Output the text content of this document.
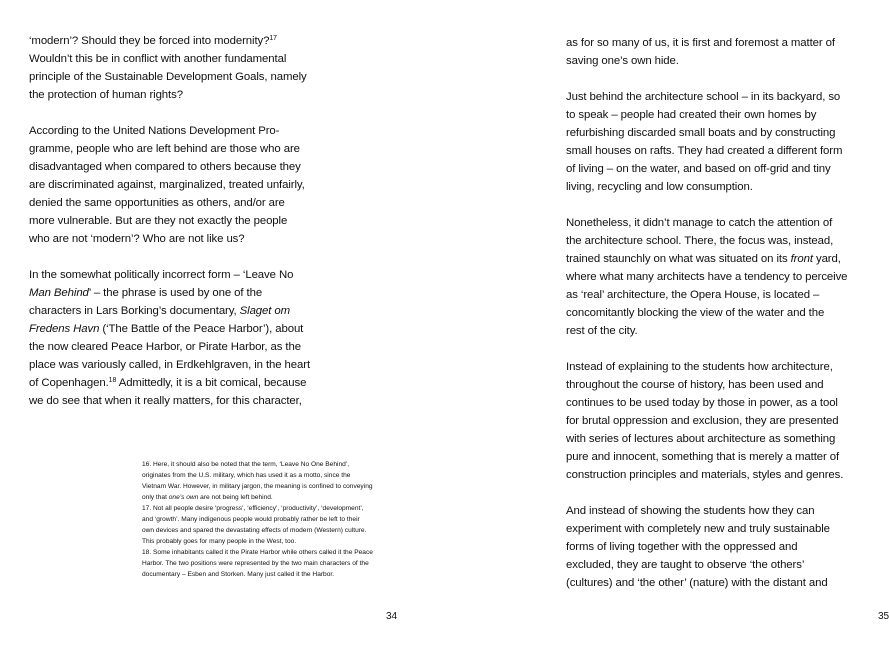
‘modern’? Should they be forced into modernity?$^{17}$
Wouldn’t this be in conflict with another fundamental
principle of the Sustainable Development Goals, namely
the protection of human rights?
According to the United Nations Development Pro-
gramme, people who are left behind are those who are
disadvantaged when compared to others because they
are discriminated against, marginalized, treated unfairly,
denied the same opportunities as others, and/or are
more vulnerable. But are they not exactly the people
who are not ‘modern’? Who are not like us?
In the somewhat politically incorrect form – ‘Leave No
Man Behind’ – the phrase is used by one of the
characters in Lars Borking’s documentary, Slaget om
Fredens Havn (‘The Battle of the Peace Harbor’), about
the now cleared Peace Harbor, or Pirate Harbor, as the
place was variously called, in Erdkehlgraven, in the heart
of Copenhagen.$^{18}$ Admittedly, it is a bit comical, because
we do see that when it really matters, for this character,
16. Here, it should also be noted that the term, ‘Leave No One Behind’,
originates from the U.S. military, which has used it as a motto, since the
Vietnam War. However, in military jargon, the meaning is confined to conveying
only that one’s own are not being left behind.
17. Not all people desire ‘progress’, ‘efficiency’, ‘productivity’, ‘development’,
and ‘growth’. Many indigenous people would probably rather be left to their
own devices and spared the devastating effects of modern (Western) culture.
This probably goes for many people in the West, too.
18. Some inhabitants called it the Pirate Harbor while others called it the Peace
Harbor. The two positions were represented by the two main characters of the
documentary – Esben and Storken. Many just called it the Harbor.
34
as for so many of us, it is first and foremost a matter of
saving one’s own hide.
Just behind the architecture school – in its backyard, so
to speak – people had created their own homes by
refurbishing discarded small boats and by constructing
small houses on rafts. They had created a different form
of living – on the water, and based on off-grid and tiny
living, recycling and low consumption.
Nonetheless, it didn’t manage to catch the attention of
the architecture school. There, the focus was, instead,
trained staunchly on what was situated on its front yard,
where what many architects have a tendency to perceive
as ‘real’ architecture, the Opera House, is located –
concomitantly blocking the view of the water and the
rest of the city.
Instead of explaining to the students how architecture,
throughout the course of history, has been used and
continues to be used today by those in power, as a tool
for brutal oppression and exclusion, they are presented
with series of lectures about architecture as something
pure and innocent, something that is merely a matter of
construction principles and materials, styles and genres.
And instead of showing the students how they can
experiment with completely new and truly sustainable
forms of living together with the oppressed and
excluded, they are taught to observe ‘the others’
(cultures) and ‘the other’ (nature) with the distant and
35
